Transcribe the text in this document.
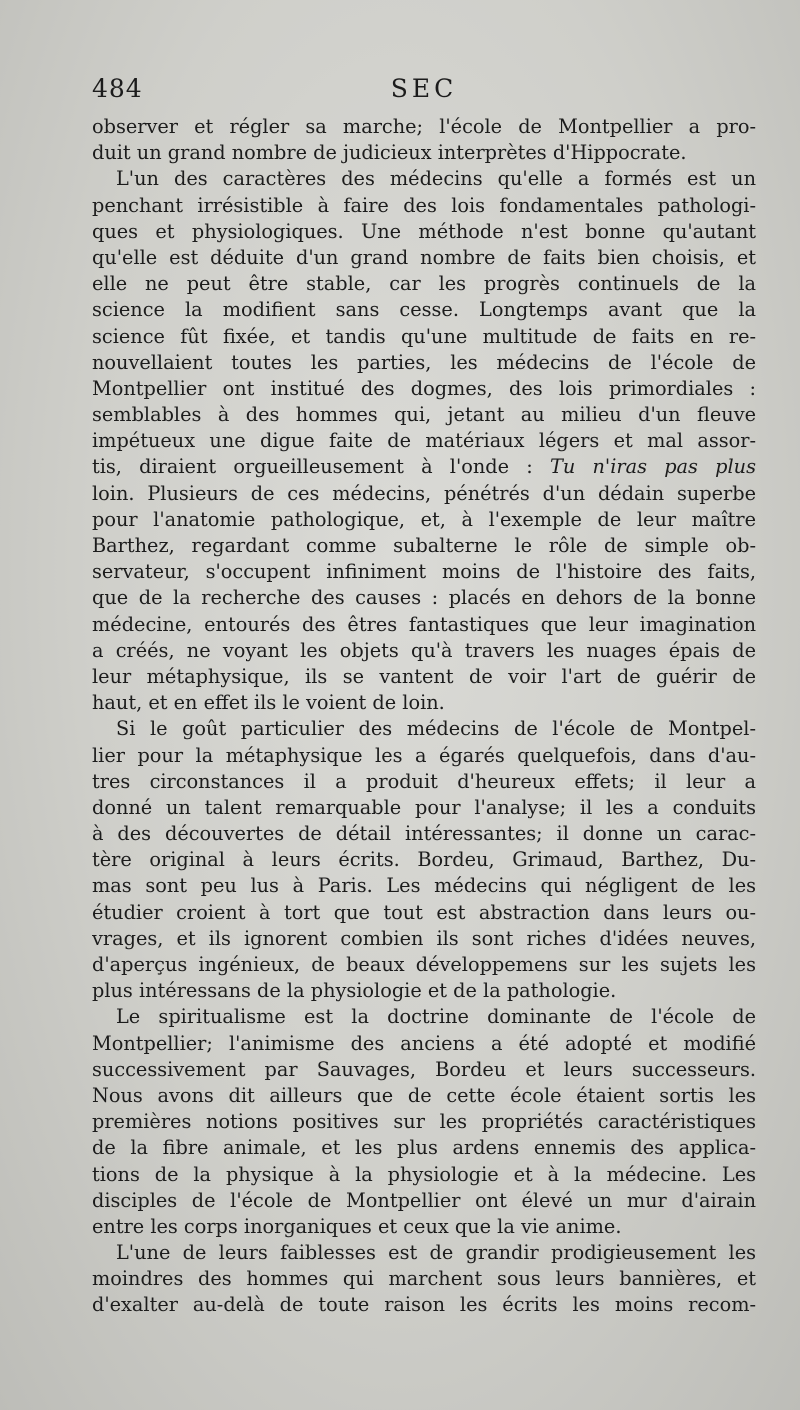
484	SEC
observer et régler sa marche; l'école de Montpellier a pro-
duit un grand nombre de judicieux interprètes d'Hippocrate.
L'un des caractères des médecins qu'elle a formés est un
penchant irrésistible à faire des lois fondamentales pathologi-
ques et physiologiques. Une méthode n'est bonne qu'autant
qu'elle est déduite d'un grand nombre de faits bien choisis, et
elle ne peut être stable, car les progrès continuels de la
science la modifient sans cesse. Longtemps avant que la
science fût fixée, et tandis qu'une multitude de faits en re-
nouvellaient toutes les parties, les médecins de l'école de
Montpellier ont institué des dogmes, des lois primordiales :
semblables à des hommes qui, jetant au milieu d'un fleuve
impétueux une digue faite de matériaux légers et mal assor-
tis, diraient orgueilleusement à l'onde : Tu n'iras pas plus
loin. Plusieurs de ces médecins, pénétrés d'un dédain superbe
pour l'anatomie pathologique, et, à l'exemple de leur maître
Barthez, regardant comme subalterne le rôle de simple ob-
servateur, s'occupent infiniment moins de l'histoire des faits,
que de la recherche des causes : placés en dehors de la bonne
médecine, entourés des êtres fantastiques que leur imagination
a créés, ne voyant les objets qu'à travers les nuages épais de
leur métaphysique, ils se vantent de voir l'art de guérir de
haut, et en effet ils le voient de loin.
Si le goût particulier des médecins de l'école de Montpel-
lier pour la métaphysique les a égarés quelquefois, dans d'au-
tres circonstances il a produit d'heureux effets; il leur a
donné un talent remarquable pour l'analyse; il les a conduits
à des découvertes de détail intéressantes; il donne un carac-
tère original à leurs écrits. Bordeu, Grimaud, Barthez, Du-
mas sont peu lus à Paris. Les médecins qui négligent de les
étudier croient à tort que tout est abstraction dans leurs ou-
vrages, et ils ignorent combien ils sont riches d'idées neuves,
d'aperçus ingénieux, de beaux développemens sur les sujets les
plus intéressans de la physiologie et de la pathologie.
Le spiritualisme est la doctrine dominante de l'école de
Montpellier; l'animisme des anciens a été adopté et modifié
successivement par Sauvages, Bordeu et leurs successeurs.
Nous avons dit ailleurs que de cette école étaient sortis les
premières notions positives sur les propriétés caractéristiques
de la fibre animale, et les plus ardens ennemis des applica-
tions de la physique à la physiologie et à la médecine. Les
disciples de l'école de Montpellier ont élevé un mur d'airain
entre les corps inorganiques et ceux que la vie anime.
L'une de leurs faiblesses est de grandir prodigieusement les
moindres des hommes qui marchent sous leurs bannières, et
d'exalter au-delà de toute raison les écrits les moins recom-
